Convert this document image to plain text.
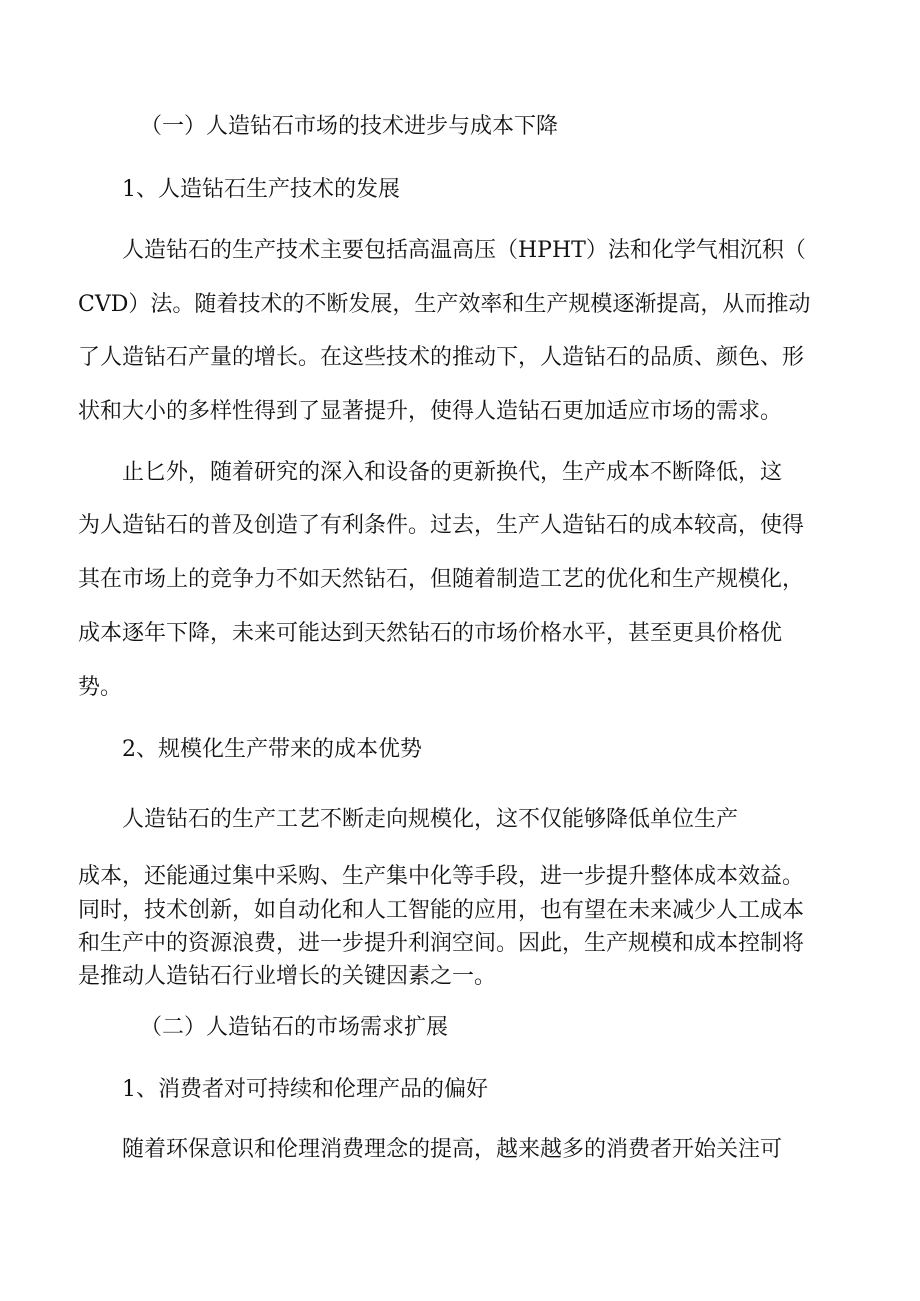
（一）人造钻石市场的技术进步与成本下降

1、人造钻石生产技术的发展

人造钻石的生产技术主要包括高温高压（HPHT）法和化学气相沉积（

CVD）法。随着技术的不断发展，生产效率和生产规模逐渐提高，从而推动

了人造钻石产量的增长。在这些技术的推动下，人造钻石的品质、颜色、形

状和大小的多样性得到了显著提升，使得人造钻石更加适应市场的需求。

止匕外，随着研究的深入和设备的更新换代，生产成本不断降低，这

为人造钻石的普及创造了有利条件。过去，生产人造钻石的成本较高，使得

其在市场上的竞争力不如天然钻石，但随着制造工艺的优化和生产规模化，

成本逐年下降，未来可能达到天然钻石的市场价格水平，甚至更具价格优

势。

2、规模化生产带来的成本优势

人造钻石的生产工艺不断走向规模化，这不仅能够降低单位生产

成本，还能通过集中采购、生产集中化等手段，进一步提升整体成本效益。

同时，技术创新，如自动化和人工智能的应用，也有望在未来减少人工成本

和生产中的资源浪费，进一步提升利润空间。因此，生产规模和成本控制将

是推动人造钻石行业增长的关键因素之一。

（二）人造钻石的市场需求扩展

1、消费者对可持续和伦理产品的偏好

随着环保意识和伦理消费理念的提高，越来越多的消费者开始关注可
